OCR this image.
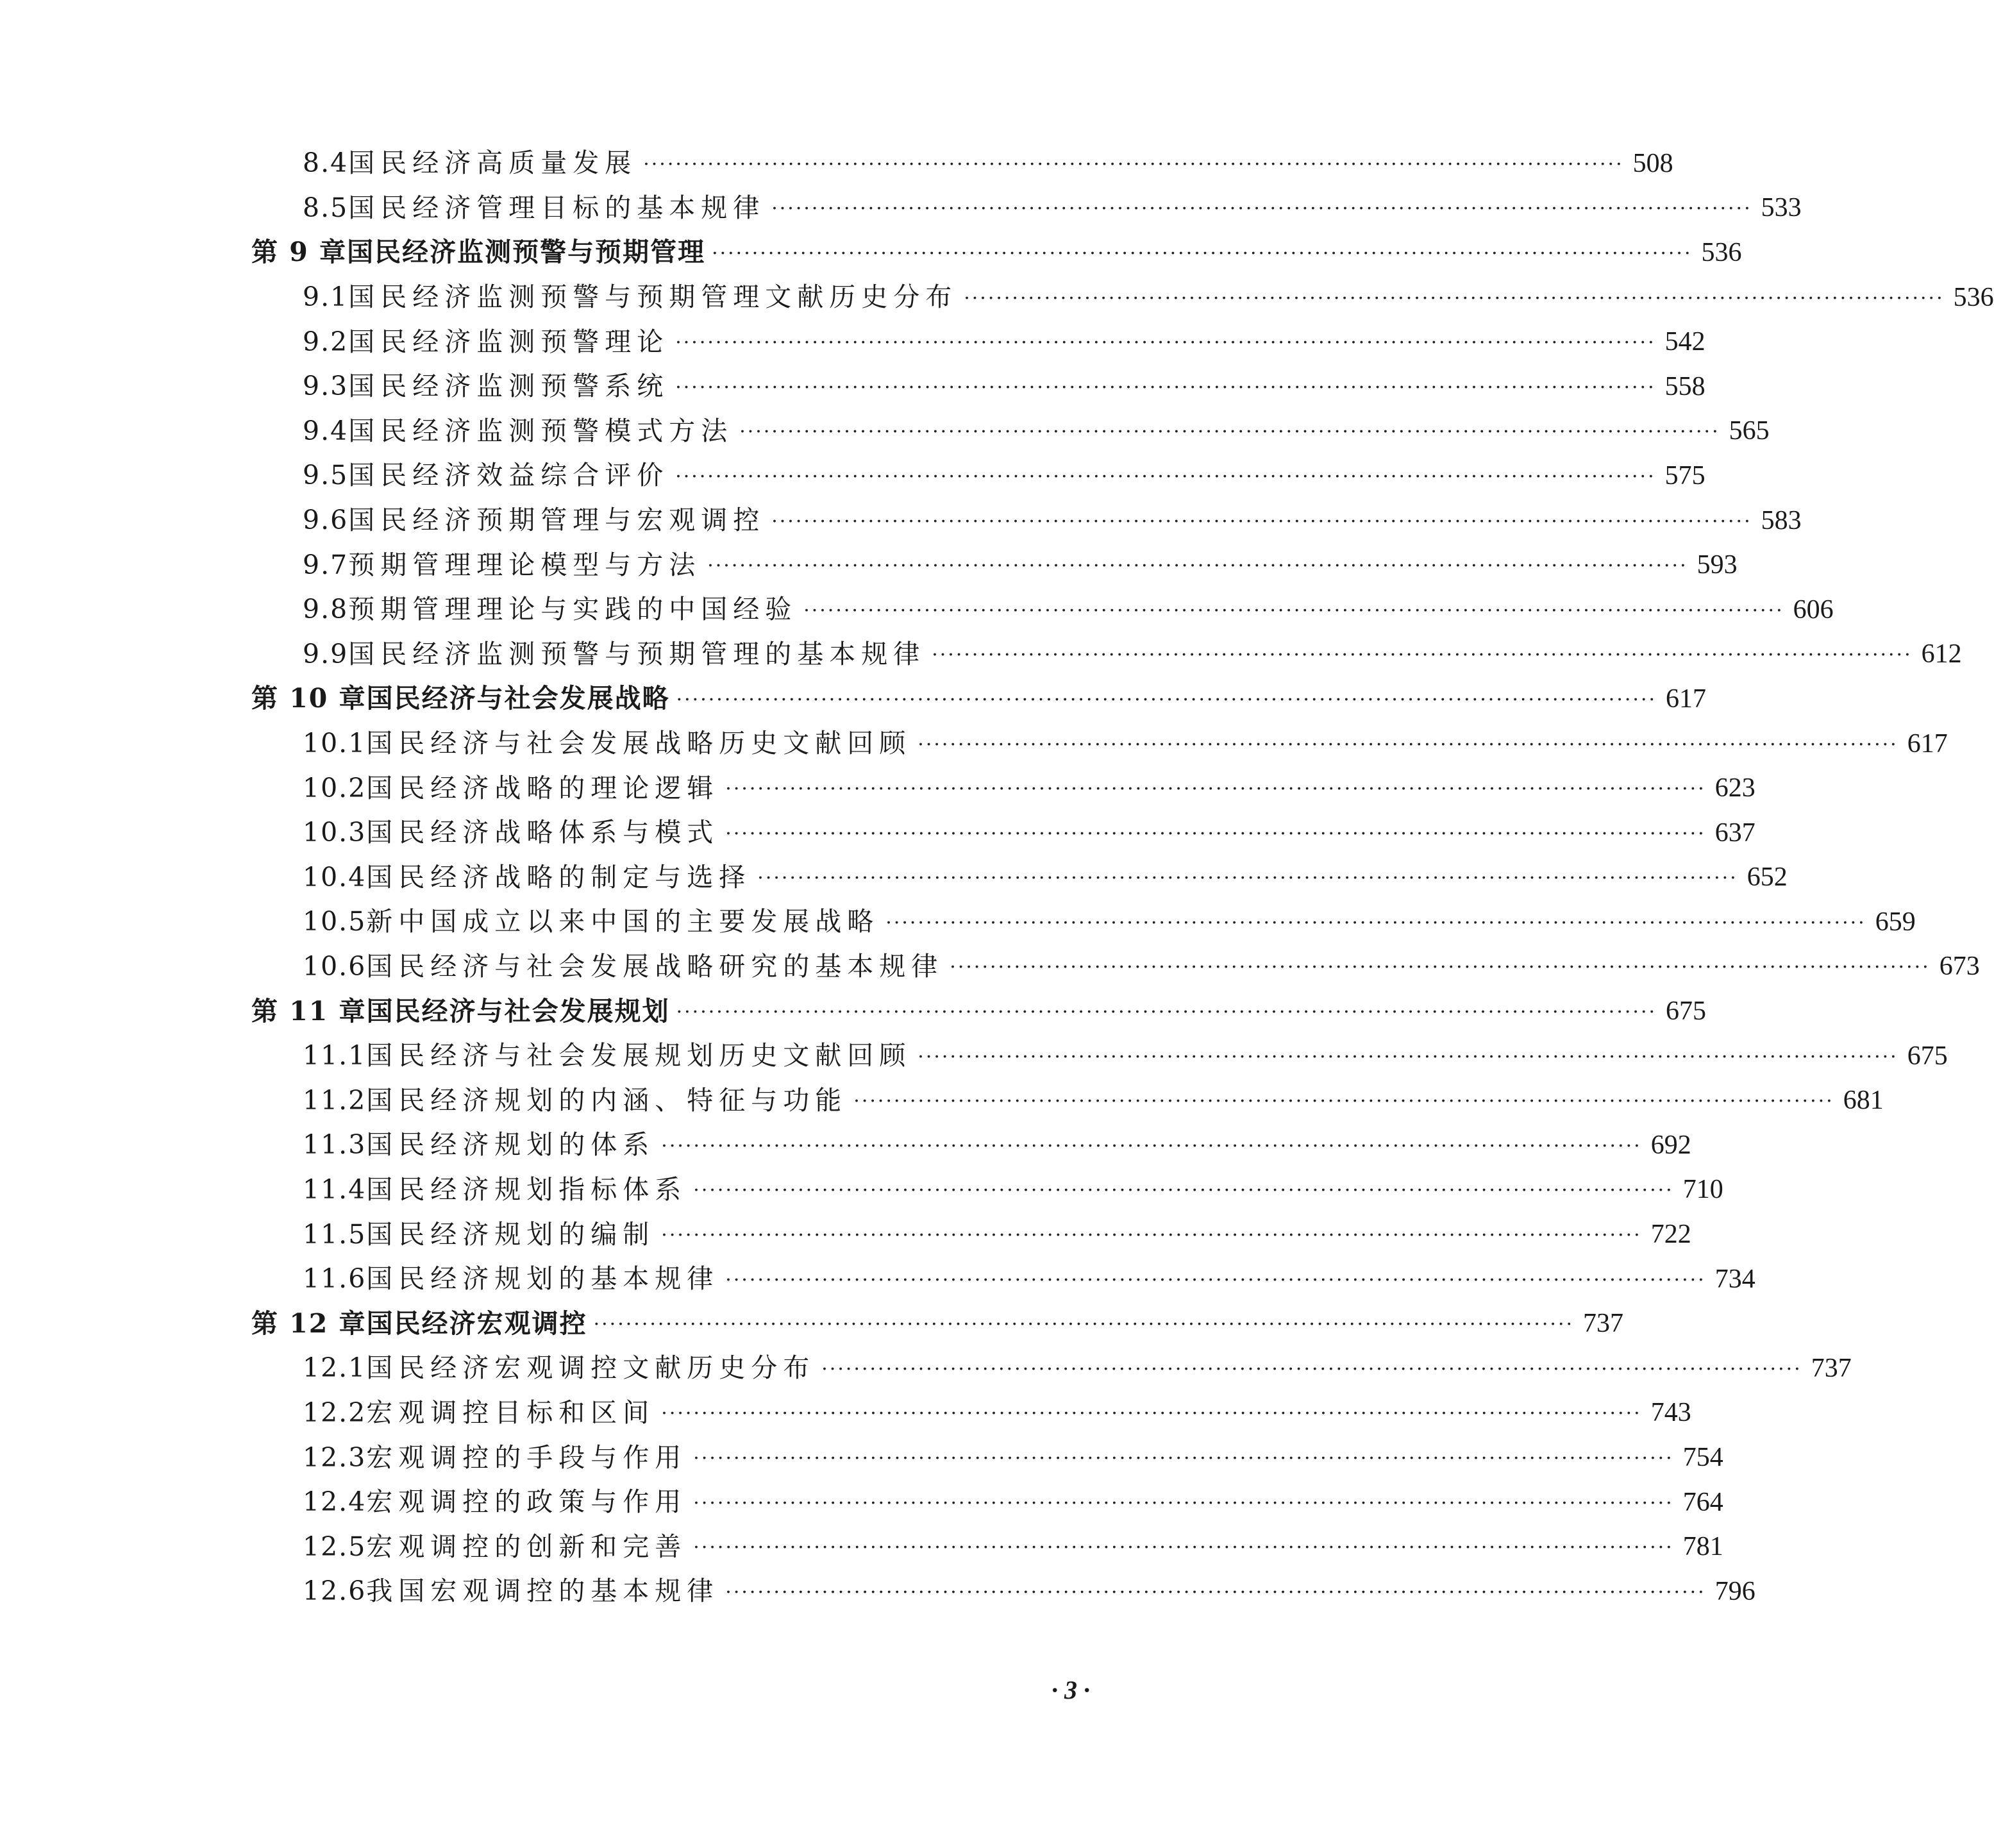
8.4 国民经济高质量发展 ·························································································································· 508
8.5 国民经济管理目标的基本规律 ·························································································································· 533
第 9 章 国民经济监测预警与预期管理 ·························································································································· 536
9.1 国民经济监测预警与预期管理文献历史分布 ·························································································································· 536
9.2 国民经济监测预警理论 ·························································································································· 542
9.3 国民经济监测预警系统 ·························································································································· 558
9.4 国民经济监测预警模式方法 ·························································································································· 565
9.5 国民经济效益综合评价 ·························································································································· 575
9.6 国民经济预期管理与宏观调控 ·························································································································· 583
9.7 预期管理理论模型与方法 ·························································································································· 593
9.8 预期管理理论与实践的中国经验 ·························································································································· 606
9.9 国民经济监测预警与预期管理的基本规律 ·························································································································· 612
第 10 章 国民经济与社会发展战略 ·························································································································· 617
10.1 国民经济与社会发展战略历史文献回顾 ·························································································································· 617
10.2 国民经济战略的理论逻辑 ·························································································································· 623
10.3 国民经济战略体系与模式 ·························································································································· 637
10.4 国民经济战略的制定与选择 ·························································································································· 652
10.5 新中国成立以来中国的主要发展战略 ·························································································································· 659
10.6 国民经济与社会发展战略研究的基本规律 ·························································································································· 673
第 11 章 国民经济与社会发展规划 ·························································································································· 675
11.1 国民经济与社会发展规划历史文献回顾 ·························································································································· 675
11.2 国民经济规划的内涵、特征与功能 ·························································································································· 681
11.3 国民经济规划的体系 ·························································································································· 692
11.4 国民经济规划指标体系 ·························································································································· 710
11.5 国民经济规划的编制 ·························································································································· 722
11.6 国民经济规划的基本规律 ·························································································································· 734
第 12 章 国民经济宏观调控 ·························································································································· 737
12.1 国民经济宏观调控文献历史分布 ·························································································································· 737
12.2 宏观调控目标和区间 ·························································································································· 743
12.3 宏观调控的手段与作用 ·························································································································· 754
12.4 宏观调控的政策与作用 ·························································································································· 764
12.5 宏观调控的创新和完善 ·························································································································· 781
12.6 我国宏观调控的基本规律 ·························································································································· 796
· 3 ·
